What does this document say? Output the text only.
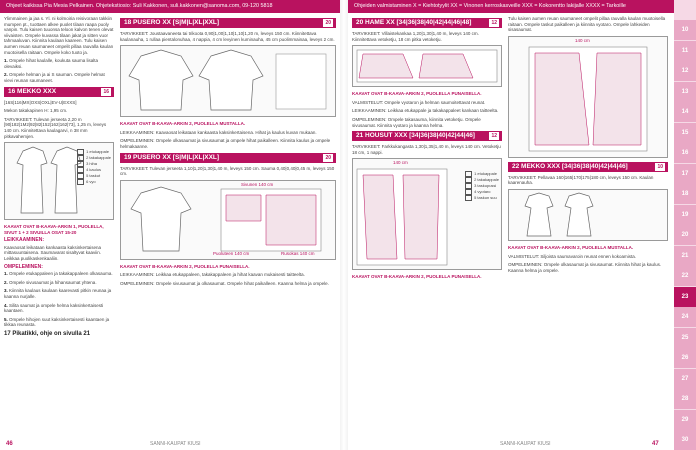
Ohjeet kaikissa Pia Mesia Pelkainen. Ohjetekstiosio: Suli Kakkonen, suli.kakkonen@sanoma.com, 09-120 5818	Ohjeiden valmistaminen X = Kiehtotyylit XX = Vinonen kerroskasveille XXX = Kokorentto lakijalle XXXX = Tarkoille
10
11
12
13
14
15
16
17
18
19
20
21
22
23
24
25
26
27
28
29
30

Ylimmainen ja jaa s. Yl. ni kolmoiria reisivoraan takkiin mumpen pt., tuottaen alkee puolet tilaan raapa puoly vanpin. Tulu kaisen tuuonsa teloon kalvon tenen olevat viivaisten. Ompele kuvassa tilaan jakat ja sitten vuor tahmaaluvan. Kiinnita kaulaan kaareen. Tulu kaisen aumen reuan saumaneet ompelit pillaa rauvalla kaulan muotoisella raitaan. Ompele koko tuoto ja.

1. Ompele hihat kaulalle, koukuta sauma lisalta olevaiksi.

2. Ompele helman ja ai S sauman. Ompele helmat vievi reunan saumaneet.

16 MEKKO XXX	16

[16S|116|MX|OXS|OXL|EV-U|EXXS]

Mekon takakapinen H: 1,95 cm.

TARVIKKEET: Tulevan jerseeta 2,20 m [90|182|1M2|92|82|152|162|162|73], 1,25 m, leveys 140 cm. Kiinnitettava kaulagarvi, n 38 mm pitkavahemjen.

1 etukappale
2 takakappale
3 hiha
4 kaulus
5 taskut
6 vyo

KAAVAT OVAT B-KAAVA-ARKIN 1, PUOLELLA, SIVUT 1 + 2 SIVUILLA OSAT 15-20

LEIKKAAMINEN:

Kaavaosat leikataan kankaasta kaksinkertaisena mittasuuntaisena. Saumavarat sisaltyvat kaaviin. Leikkaa puolikaskenkaaliin.

OMPELEMINEN:

1. Ompele etukappaleen ja takakappaleen olkasauma.

2. Ompele sivusaumat ja hihansaumat yhtena.

3. Kiinnita kaulaus kaulaan kaarevasti pitkin reunaa ja kaanna nurjalle.

4. Silita saumat ja ompele helma kaksinkertaisesti kaantaen.

5. Ompele hihojen suut kaksinkertaisesti kaantaen ja tikkaa reunasta.

17 Pikatikki, ohje on sivulla 21

18 PUSERO XX [S|M|L|XL|XXL]	20

TARVIKKEET: Joustaavaneeta tai trikoota 0,90|1,00|1,10|1,10|1,20 m, leveys 150 cm. Kiinnitettava kaulanauha, 1 rullaa pientalonuhaa, 4 nappia, 4 cm levyinen kuminauha, 45 cm puolimmainaa, leveys 2 cm.

KAAVAT OVAT B-KAAVA-ARKIN 2, PUOLELLA MUSTALLA.

LEIKKAAMINEN: Kaavaosat leikataan kankaasta kaksinkertaisena. Hihat ja kaulus kuvan mukaan.

OMPELEMINEN: Ompele olkasaumat ja sivusaumat ja ompele hihat paikalleen. Kiinnita kaulus ja ompele helmakaanne.

19 PUSERO XX [S|M|L|XL|XXL]	20

TARVIKKEET: Tulevan jerseeta 1,10|1,20|1,30|1,40 m, leveys 150 cm. Sauma 0,40|0,40|0,45 m, leveys 150 cm.

Sivunen 140 cm
Puoluteen 140 cm	Rusokas 140 cm

KAAVAT OVAT B-KAAVA-ARKIN 2, PUOLELLA PUNAISELLA.

LEIKKAAMINEN: Leikkaa etukappaleen, takakappaleen ja hihat kaavan mukaisesti taitteelta.

OMPELEMINEN: Ompele sivusaumat ja olkasaumat. Ompele hihat paikalleen. Kaanna helma ja ompele.

20 HAME XX [34|36|38|40|42|44|46|48]	12

TARVIKKEET: Villaistekankaa 1,20|1,30|1,40 m, leveys 140 cm. Kiinnitettava vetoketju, 18 cm pitka vetoketju.

KAAVAT OVAT B-KAAVA-ARKIN 2, PUOLELLA PUNAISELLA.

VALMISTELUT: Ompele vyotaron ja helman saumoitettavat reunat.

LEIKKAAMINEN: Leikkaa etukappale ja takakappaleet kankaan taitteelta.

OMPELEMINEN: Ompele takasauma, kiinnita vetoketju. Ompele sivusaumat. Kiinnita vyotaro ja kaanna helma.

21 HOUSUT XXX [34|36|38|40|42|44|46]	12

TARVIKKEET: Farkkukangasta 1,30|1,35|1,40 m, leveys 140 cm. Vetoketju 18 cm, 1 nappi.

140 cm
1 etukappale
2 takakappale
3 taskupussi
4 vyotaro
5 taskun suu

KAAVAT OVAT B-KAAVA-ARKIN 2, PUOLELLA PUNAISELLA.

Tulu kaisen aumen reuan saumaneet ompelit pillaa rauvalla kaulan muotoisella raitaan. Ompele taskut paikalleen ja kiinnita vyotaro. Ompele lahkeiden sisasaumat.

140 cm
22 MEKKO XXX [34|36|38|40|42|44|46]	10

TARVIKKEET: Pellavaa 160|165|170|175|180 cm, leveys 150 cm. Kaulan kaarenauha.

KAAVAT OVAT B-KAAVA-ARKIN 2, PUOLELLA MUSTALLA.

VALMISTELUT: Siljoista saumavaroin reunat ennen kokoamista.

OMPELEMINEN: Ompele olkasaumat ja sivusaumat. Kiinnita hihat ja kaulus. Kaanna helma ja ompele.

46	SANNI-KAUPAT KIUSI	SANNI-KAUPAT KIUSI	47
